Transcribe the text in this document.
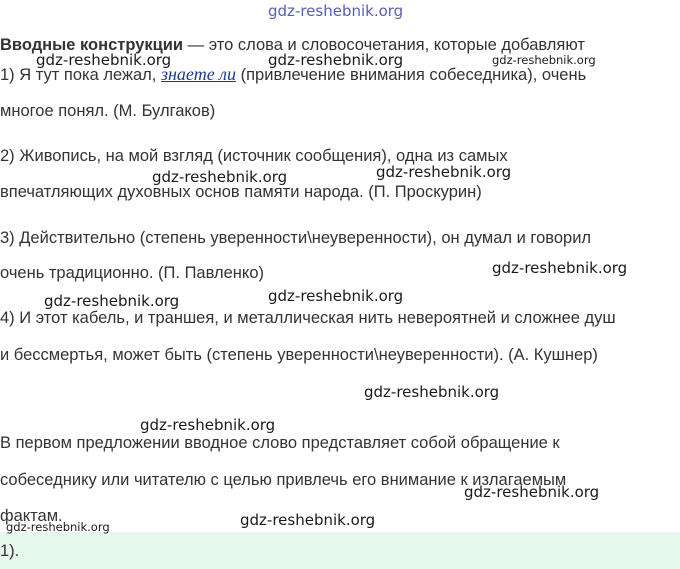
gdz-reshebnik.org

Вводные конструкции — это слова и словосочетания, которые добавляют

1) Я тут пока лежал, знаете ли (привлечение внимания собеседника), очень

многое понял. (М. Булгаков)

2) Живопись, на мой взгляд (источник сообщения), одна из самых

впечатляющих духовных основ памяти народа. (П. Проскурин)

3) Действительно (степень уверенности\неуверенности), он думал и говорил

очень традиционно. (П. Павленко)

4) И этот кабель, и траншея, и металлическая нить невероятней и сложнее душ

и бессмертья, может быть (степень уверенности\неуверенности). (А. Кушнер)

В первом предложении вводное слово представляет собой обращение к

собеседнику или читателю с целью привлечь его внимание к излагаемым

фактам.

1).

gdz-reshebnik.org	gdz-reshebnik.org	gdz-reshebnik.org
gdz-reshebnik.org	gdz-reshebnik.org
gdz-reshebnik.org
gdz-reshebnik.org
gdz-reshebnik.org
gdz-reshebnik.org
gdz-reshebnik.org
gdz-reshebnik.org
gdz-reshebnik.org
gdz-reshebnik.org
